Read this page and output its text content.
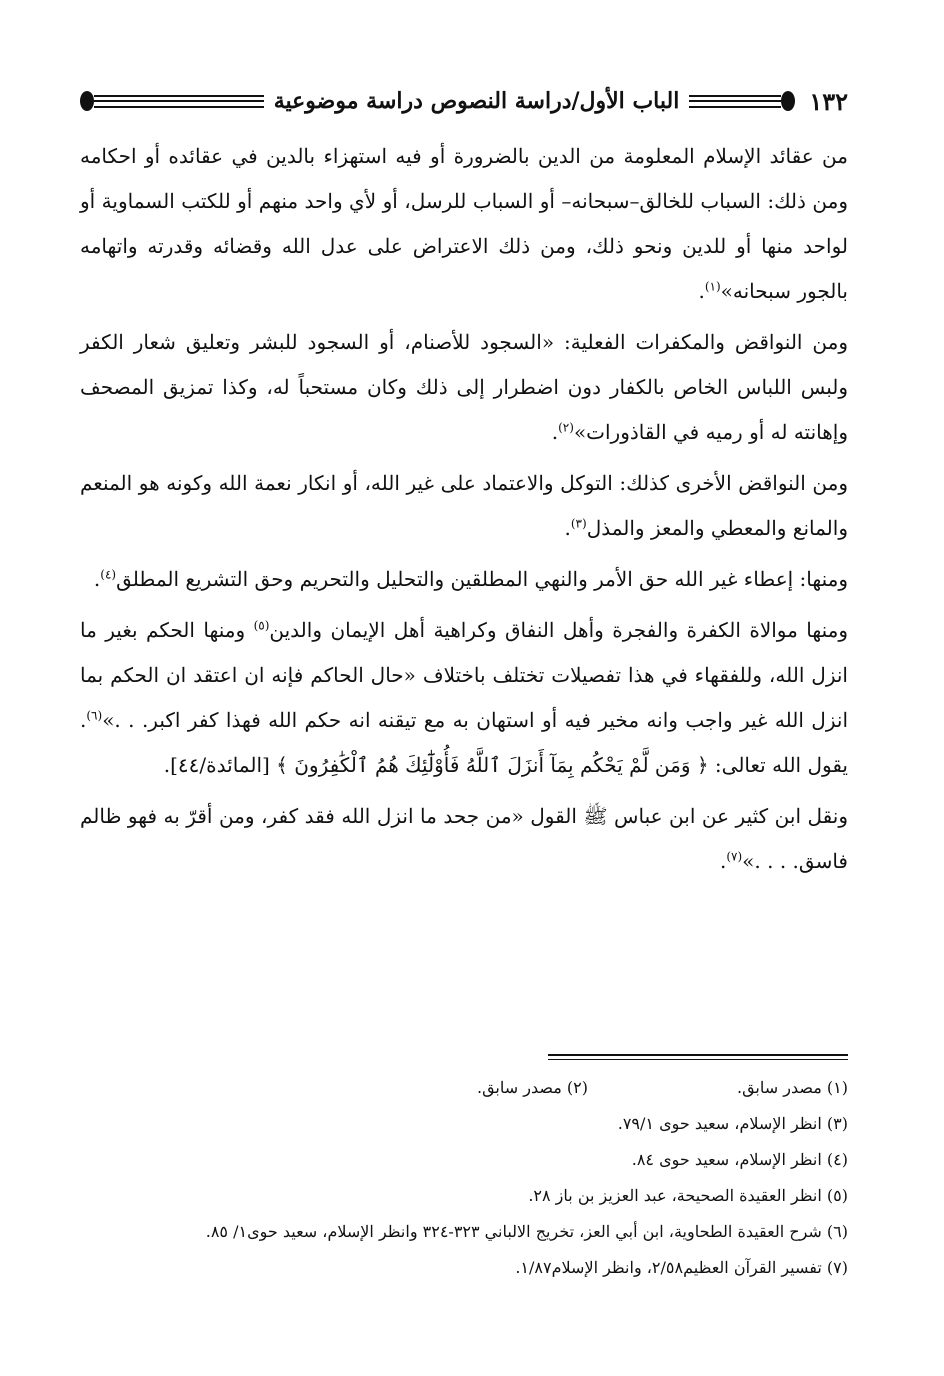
١٣٢
الباب الأول/دراسة النصوص دراسة موضوعية

من عقائد الإسلام المعلومة من الدين بالضرورة أو فيه استهزاء بالدين في عقائده أو احكامه ومن ذلك: السباب للخالق–سبحانه– أو السباب للرسل، أو لأي واحد منهم أو للكتب السماوية أو لواحد منها أو للدين ونحو ذلك، ومن ذلك الاعتراض على عدل الله وقضائه وقدرته واتهامه بالجور سبحانه»$^{(١)}$.

ومن النواقض والمكفرات الفعلية: «السجود للأصنام، أو السجود للبشر وتعليق شعار الكفر ولبس اللباس الخاص بالكفار دون اضطرار إلى ذلك وكان مستحباً له، وكذا تمزيق المصحف وإهانته له أو رميه في القاذورات»$^{(٢)}$.

ومن النواقض الأخرى كذلك: التوكل والاعتماد على غير الله، أو انكار نعمة الله وكونه هو المنعم والمانع والمعطي والمعز والمذل$^{(٣)}$.

ومنها: إعطاء غير الله حق الأمر والنهي المطلقين والتحليل والتحريم وحق التشريع المطلق$^{(٤)}$.

ومنها موالاة الكفرة والفجرة وأهل النفاق وكراهية أهل الإيمان والدين$^{(٥)}$ ومنها الحكم بغير ما انزل الله، وللفقهاء في هذا تفصيلات تختلف باختلاف «حال الحاكم فإنه ان اعتقد ان الحكم بما انزل الله غير واجب وانه مخير فيه أو استهان به مع تيقنه انه حكم الله فهذا كفر اكبر. . .»$^{(٦)}$. يقول الله تعالى: ﴿ وَمَن لَّمْ يَحْكُم بِمَآ أَنزَلَ ٱللَّهُ فَأُوْلَٰٓئِكَ هُمُ ٱلْكَٰفِرُونَ ﴾ [المائدة/٤٤].

ونقل ابن كثير عن ابن عباس ﷺ القول «من جحد ما انزل الله فقد كفر، ومن أقرّ به فهو ظالم فاسق. . . .»$^{(٧)}$.

(١) مصدر سابق.
(٢) مصدر سابق.

(٣) انظر الإسلام، سعيد حوى ٧٩/١.

(٤) انظر الإسلام، سعيد حوى ٨٤.

(٥) انظر العقيدة الصحيحة، عبد العزيز بن باز ٢٨.

(٦) شرح العقيدة الطحاوية، ابن أبي العز، تخريج الالباني ٣٢٣-٣٢٤ وانظر الإسلام، سعيد حوى١/ ٨٥.

(٧) تفسير القرآن العظيم٢/٥٨، وانظر الإسلام١/٨٧.
